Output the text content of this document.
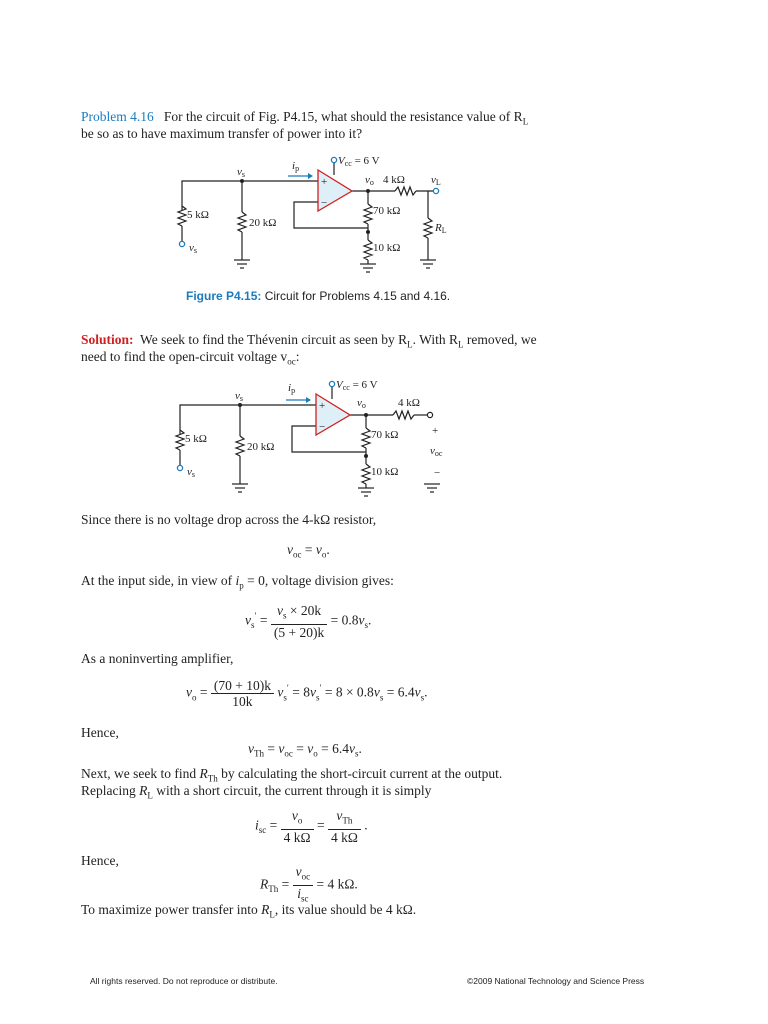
Problem 4.16 For the circuit of Fig. P4.15, what should the resistance value of $R_L$
be so as to have maximum transfer of power into it?
+
−
Vcc = 6 V
vs
ip
vo 4 kΩ vL
5 kΩ
20 kΩ
70 kΩ
10 kΩ
RL
vs
Figure P4.15: Circuit for Problems 4.15 and 4.16.
Solution: We seek to find the Thévenin circuit as seen by $R_L$. With $R_L$ removed, we
need to find the open-circuit voltage $v_{oc}$:
+
−
Vcc = 6 V
vs
ip
vo	4 kΩ
5 kΩ
20 kΩ
70 kΩ
10 kΩ
vs
+
voc
−
Since there is no voltage drop across the 4-kΩ resistor,
$v_{oc} = v_o$.
At the input side, in view of $i_p = 0$, voltage division gives:
$v_s' = \frac{v_s \times 20k}{(5 + 20)k} = 0.8v_s$.
As a noninverting amplifier,
$v_o = \frac{(70 + 10)k}{10k} v_s' = 8v_s' = 8 \times 0.8v_s = 6.4v_s$.
Hence,
$v_{Th} = v_{oc} = v_o = 6.4v_s$.
Next, we seek to find $R_{Th}$ by calculating the short-circuit current at the output.
Replacing $R_L$ with a short circuit, the current through it is simply
$i_{sc} = \frac{v_o}{4 k\Omega} = \frac{v_{Th}}{4 k\Omega}$ .
Hence,
$R_{Th} = \frac{v_{oc}}{i_{sc}} = 4$ kΩ.
To maximize power transfer into $R_L$, its value should be 4 kΩ.
All rights reserved. Do not reproduce or distribute.	©2009 National Technology and Science Press
